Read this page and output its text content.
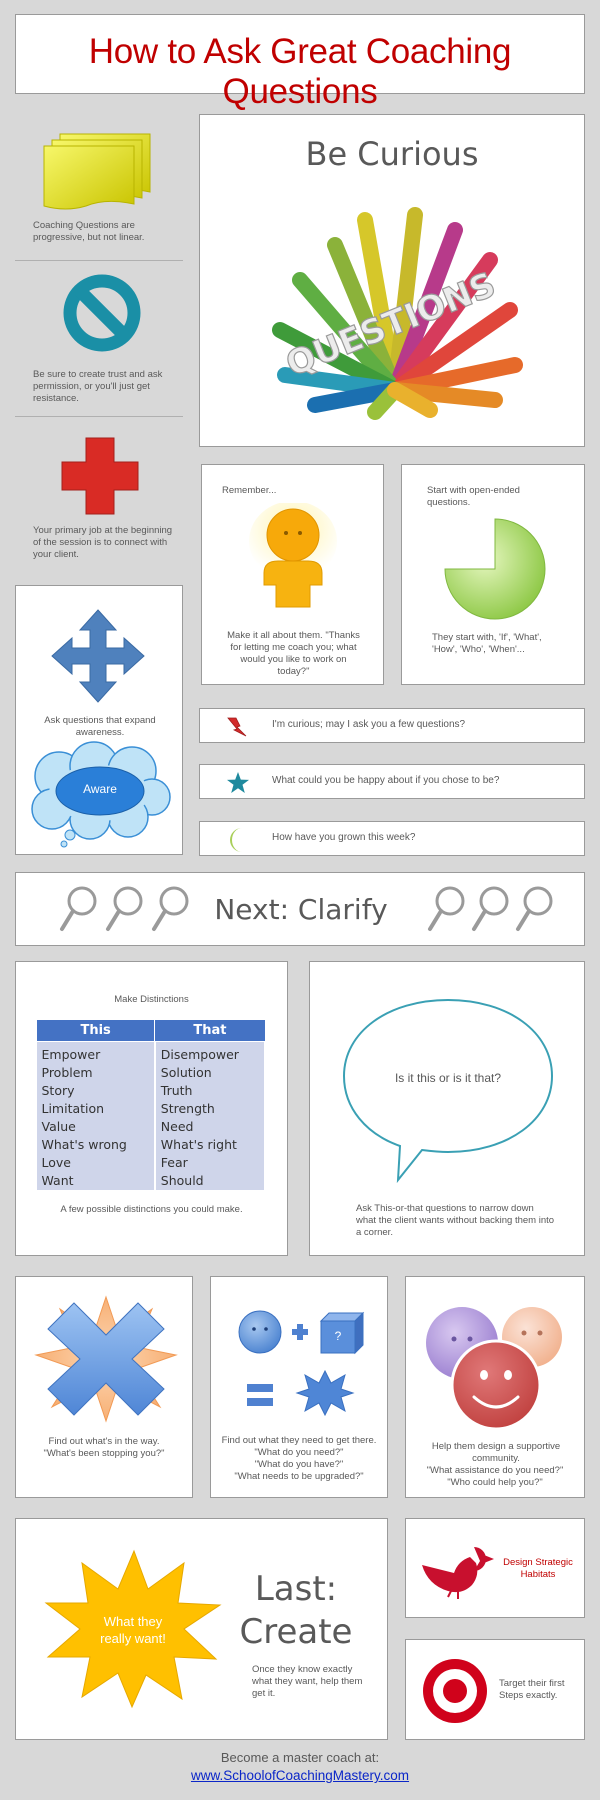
How to Ask Great Coaching Questions
Coaching Questions are progressive, but not linear.
Be sure to create trust and ask permission, or you'll just get resistance.
Your primary job at the beginning of the session is to connect with your client.
Be Curious
QUESTIONS
Remember...
Make it all about them. "Thanks for letting me coach you; what would you like to work on today?"
Start with open-ended questions.
They start with, 'If', 'What', 'How', 'Who', 'When'...
Ask questions that expand awareness.
Aware
I'm curious; may I ask you a few questions?
What could you be happy about if you chose to be?
How have you grown this week?
Next: Clarify
Make Distinctions
This	That

Empower	Disempower
Problem	Solution
Story	Truth
Limitation	Strength
Value	Need
What's wrong	What's right
Love	Fear
Want	Should
A few possible distinctions you could make.
Is it this or is it that?
Ask This-or-that questions to narrow down what the client wants without backing them into a corner.
Find out what's in the way.
"What's been stopping you?"
?
Find out what they need to get there.
"What do you need?"
"What do you have?"
"What needs to be upgraded?"
Help them design a supportive community.
"What assistance do you need?"
"Who could help you?"
What they
really want!
Last:
Create
Once they know exactly what they want, help them get it.
Design Strategic Habitats
Target their first Steps exactly.
Become a master coach at:
www.SchoolofCoachingMastery.com
